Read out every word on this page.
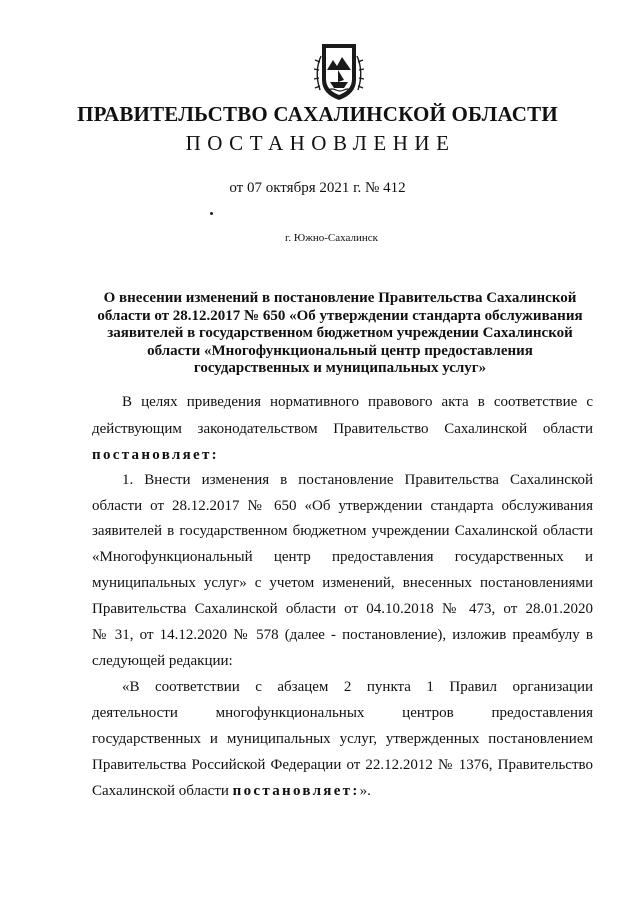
ПРАВИТЕЛЬСТВО САХАЛИНСКОЙ ОБЛАСТИ
ПОСТАНОВЛЕНИЕ
от 07 октября 2021 г. № 412
г. Южно-Сахалинск
О внесении изменений в постановление Правительства Сахалинской области от 28.12.2017 № 650 «Об утверждении стандарта обслуживания заявителей в государственном бюджетном учреждении Сахалинской области «Многофункциональный центр предоставления государственных и муниципальных услуг»
В целях приведения нормативного правового акта в соответствие с
действующим законодательством Правительство Сахалинской области
постановляет:
1. Внести изменения в постановление Правительства Сахалинской
области от 28.12.2017 № 650 «Об утверждении стандарта обслуживания
заявителей в государственном бюджетном учреждении Сахалинской области
«Многофункциональный центр предоставления государственных и
муниципальных услуг» с учетом изменений, внесенных постановлениями
Правительства Сахалинской области от 04.10.2018 № 473, от 28.01.2020
№ 31, от 14.12.2020 № 578 (далее - постановление), изложив преамбулу в
следующей редакции:
«В соответствии с абзацем 2 пункта 1 Правил организации
деятельности многофункциональных центров предоставления
государственных и муниципальных услуг, утвержденных постановлением
Правительства Российской Федерации от 22.12.2012 № 1376, Правительство
Сахалинской области постановляет:».
